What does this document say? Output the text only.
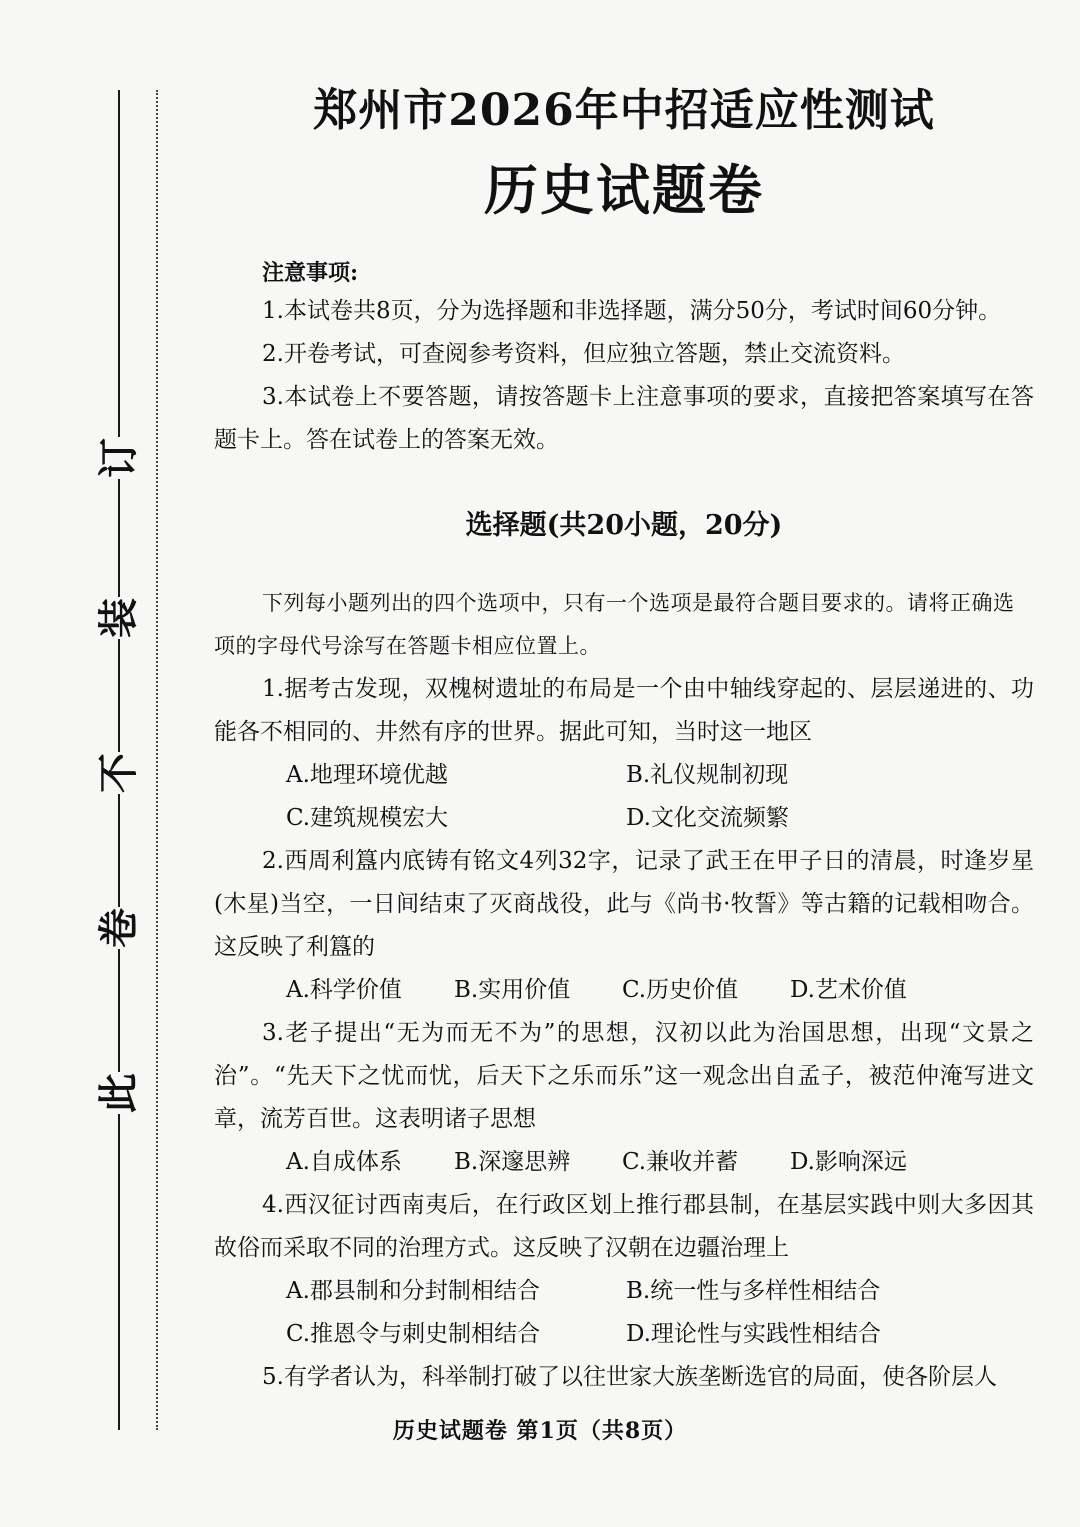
订
装
不
卷
此
郑州市2026年中招适应性测试
历史试题卷
注意事项:

1.本试卷共8页，分为选择题和非选择题，满分50分，考试时间60分钟。

2.开卷考试，可查阅参考资料，但应独立答题，禁止交流资料。

3.本试卷上不要答题，请按答题卡上注意事项的要求，直接把答案填写在答题卡上。答在试卷上的答案无效。

选择题(共20小题，20分)

下列每小题列出的四个选项中，只有一个选项是最符合题目要求的。请将正确选项的字母代号涂写在答题卡相应位置上。

1.据考古发现，双槐树遗址的布局是一个由中轴线穿起的、层层递进的、功能各不相同的、井然有序的世界。据此可知，当时这一地区

A.地理环境优越	B.礼仪规制初现
C.建筑规模宏大	D.文化交流频繁

2.西周利簋内底铸有铭文4列32字，记录了武王在甲子日的清晨，时逢岁星(木星)当空，一日间结束了灭商战役，此与《尚书·牧誓》等古籍的记载相吻合。这反映了利簋的

A.科学价值	B.实用价值	C.历史价值	D.艺术价值

3.老子提出“无为而无不为”的思想，汉初以此为治国思想，出现“文景之治”。“先天下之忧而忧，后天下之乐而乐”这一观念出自孟子，被范仲淹写进文章，流芳百世。这表明诸子思想

A.自成体系	B.深邃思辨	C.兼收并蓄	D.影响深远

4.西汉征讨西南夷后，在行政区划上推行郡县制，在基层实践中则大多因其故俗而采取不同的治理方式。这反映了汉朝在边疆治理上

A.郡县制和分封制相结合	B.统一性与多样性相结合
C.推恩令与刺史制相结合	D.理论性与实践性相结合

5.有学者认为，科举制打破了以往世家大族垄断选官的局面，使各阶层人

历史试题卷 第1页（共8页）
